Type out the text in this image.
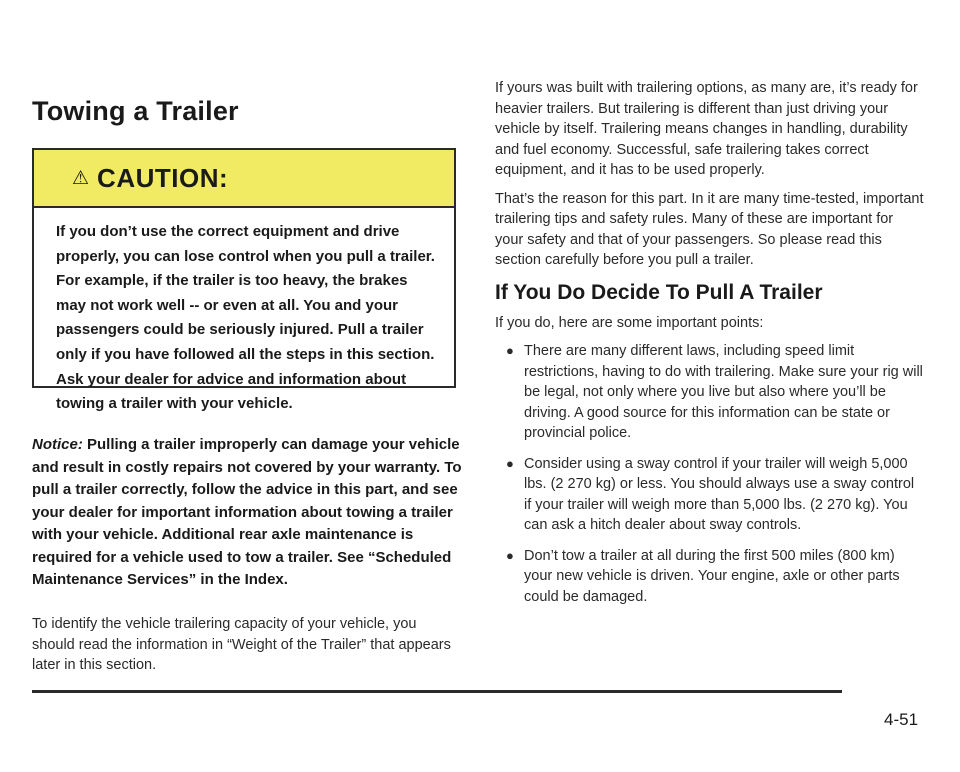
Towing a Trailer
⚠ CAUTION:
If you don’t use the correct equipment and drive properly, you can lose control when you pull a trailer. For example, if the trailer is too heavy, the brakes may not work well -- or even at all. You and your passengers could be seriously injured. Pull a trailer only if you have followed all the steps in this section. Ask your dealer for advice and information about towing a trailer with your vehicle.

Notice: Pulling a trailer improperly can damage your vehicle and result in costly repairs not covered by your warranty. To pull a trailer correctly, follow the advice in this part, and see your dealer for important information about towing a trailer with your vehicle. Additional rear axle maintenance is required for a vehicle used to tow a trailer. See “Scheduled Maintenance Services” in the Index.

To identify the vehicle trailering capacity of your vehicle, you should read the information in “Weight of the Trailer” that appears later in this section.

If yours was built with trailering options, as many are, it’s ready for heavier trailers. But trailering is different than just driving your vehicle by itself. Trailering means changes in handling, durability and fuel economy. Successful, safe trailering takes correct equipment, and it has to be used properly.

That’s the reason for this part. In it are many time-tested, important trailering tips and safety rules. Many of these are important for your safety and that of your passengers. So please read this section carefully before you pull a trailer.

If You Do Decide To Pull A Trailer

If you do, here are some important points:

● There are many different laws, including speed limit restrictions, having to do with trailering. Make sure your rig will be legal, not only where you live but also where you’ll be driving. A good source for this information can be state or provincial police.
● Consider using a sway control if your trailer will weigh 5,000 lbs. (2 270 kg) or less. You should always use a sway control if your trailer will weigh more than 5,000 lbs. (2 270 kg). You can ask a hitch dealer about sway controls.
● Don’t tow a trailer at all during the first 500 miles (800 km) your new vehicle is driven. Your engine, axle or other parts could be damaged.
4-51
